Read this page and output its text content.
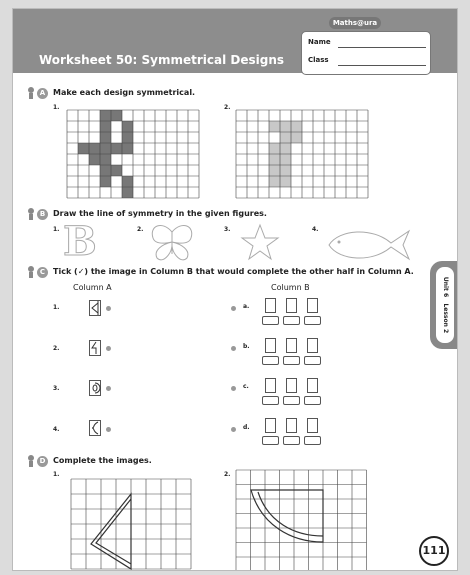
Maths@ura
Worksheet 50: Symmetrical Designs
Name
Class
A Make each design symmetrical.
1.	2.
B Draw the line of symmetry in the given figures.
1.	2.	3.	4.
B
C Tick (✓) the image in Column B that would complete the other half in Column A.
Column A	Column B
1.	a.
2.	b.
3.	c.
4.	d.
D Complete the images.
1.	2.
Unit 6   Lesson 2
111
